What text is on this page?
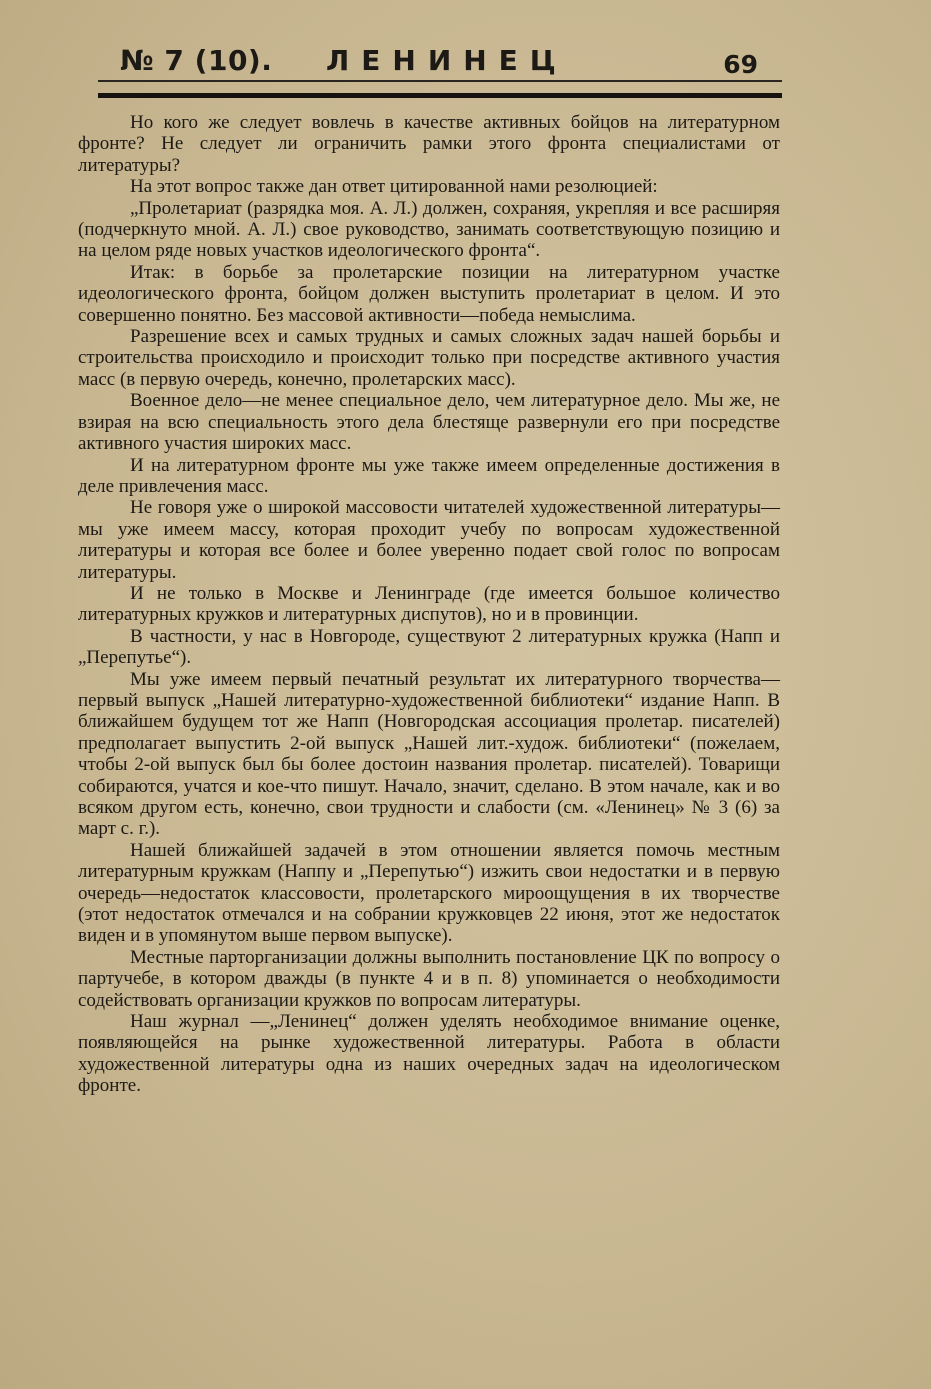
№ 7 (10). ЛЕНИНЕЦ	69

Но кого же следует вовлечь в качестве активных бойцов на литературном фронте? Не следует ли ограничить рамки этого фронта специалистами от литературы?

На этот вопрос также дан ответ цитированной нами резолюцией:

„Пролетариат (разрядка моя. А. Л.) должен, сохраняя, укрепляя и все расширяя (подчеркнуто мной. А. Л.) свое руководство, занимать соответствующую позицию и на целом ряде новых участков идеологического фронта“.

Итак: в борьбе за пролетарские позиции на литературном участке идеологического фронта, бойцом должен выступить пролетариат в целом. И это совершенно понятно. Без массовой активности—победа немыслима.

Разрешение всех и самых трудных и самых сложных задач нашей борьбы и строительства происходило и происходит только при посредстве активного участия масс (в первую очередь, конечно, пролетарских масс).

Военное дело—не менее специальное дело, чем литературное дело. Мы же, не взирая на всю специальность этого дела блестяще развернули его при посредстве активного участия широких масс.

И на литературном фронте мы уже также имеем определенные достижения в деле привлечения масс.

Не говоря уже о широкой массовости читателей художественной литературы—мы уже имеем массу, которая проходит учебу по вопросам художественной литературы и которая все более и более уверенно подает свой голос по вопросам литературы.

И не только в Москве и Ленинграде (где имеется большое количество литературных кружков и литературных диспутов), но и в провинции.

В частности, у нас в Новгороде, существуют 2 литературных кружка (Напп и „Перепутье“).

Мы уже имеем первый печатный результат их литературного творчества—первый выпуск „Нашей литературно-художественной библиотеки“ издание Напп. В ближайшем будущем тот же Напп (Новгородская ассоциация пролетар. писателей) предполагает выпустить 2-ой выпуск „Нашей лит.-худож. библиотеки“ (пожелаем, чтобы 2-ой выпуск был бы более достоин названия пролетар. писателей). Товарищи собираются, учатся и кое-что пишут. Начало, значит, сделано. В этом начале, как и во всяком другом есть, конечно, свои трудности и слабости (см. «Ленинец» № 3 (6) за март с. г.).

Нашей ближайшей задачей в этом отношении является помочь местным литературным кружкам (Наппу и „Перепутью“) изжить свои недостатки и в первую очередь—недостаток классовости, пролетарского мироощущения в их творчестве (этот недостаток отмечался и на собрании кружковцев 22 июня, этот же недостаток виден и в упомянутом выше первом выпуске).

Местные парторганизации должны выполнить постановление ЦК по вопросу о партучебе, в котором дважды (в пункте 4 и в п. 8) упоминается о необходимости содействовать организации кружков по вопросам литературы.

Наш журнал —„Ленинец“ должен уделять необходимое внимание оценке, появляющейся на рынке художественной литературы. Работа в области художественной литературы одна из наших очередных задач на идеологическом фронте.
